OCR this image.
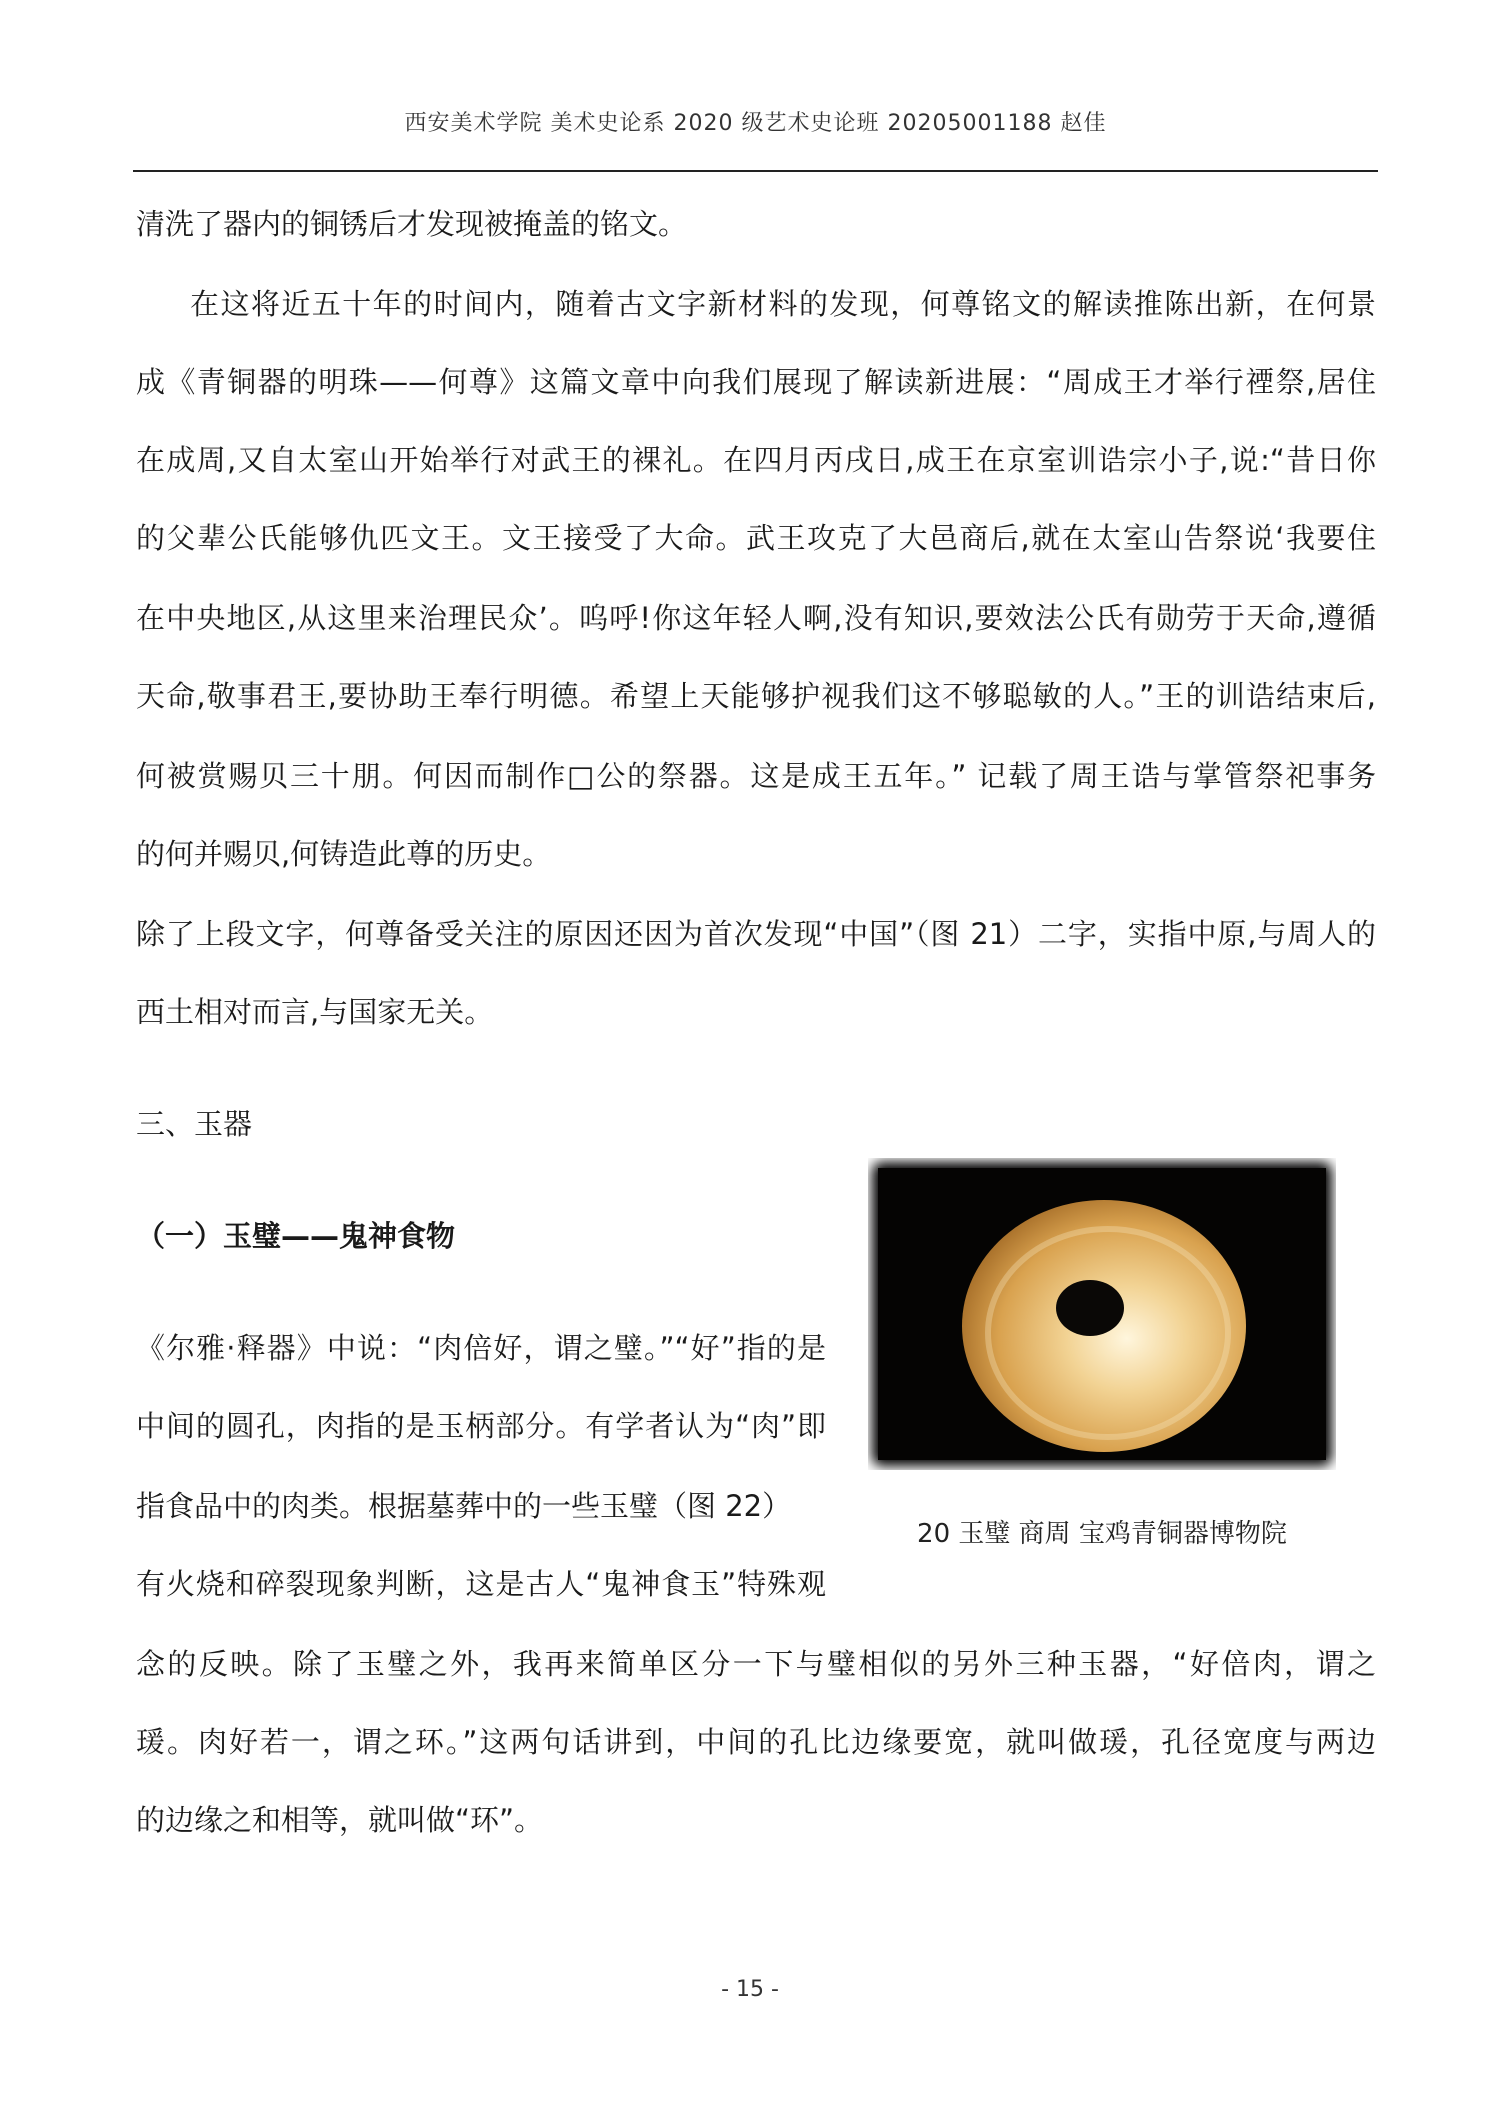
西安美术学院 美术史论系 2020 级艺术史论班 20205001188 赵佳
清洗了器内的铜锈后才发现被掩盖的铭文。
在这将近五十年的时间内，随着古文字新材料的发现，何尊铭文的解读推陈出新，在何景
成《青铜器的明珠——何尊》这篇文章中向我们展现了解读新进展：“周成王才举行禋祭,居住
在成周,又自太室山开始举行对武王的裸礼。在四月丙戌日,成王在京室训诰宗小子,说:“昔日你
的父辈公氏能够仇匹文王。文王接受了大命。武王攻克了大邑商后,就在太室山告祭说‘我要住
在中央地区,从这里来治理民众’。呜呼!你这年轻人啊,没有知识,要效法公氏有勋劳于天命,遵循
天命,敬事君王,要协助王奉行明德。希望上天能够护视我们这不够聪敏的人。”王的训诰结束后,
何被赏赐贝三十朋。何因而制作□公的祭器。这是成王五年。” 记载了周王诰与掌管祭祀事务
的何并赐贝,何铸造此尊的历史。
除了上段文字，何尊备受关注的原因还因为首次发现“中国”（图 21）二字，实指中原,与周人的
西土相对而言,与国家无关。
三、玉器
（一）玉璧——鬼神食物
《尔雅·释器》中说：“肉倍好，谓之璧。”“好”指的是
中间的圆孔，肉指的是玉柄部分。有学者认为“肉”即
指食品中的肉类。根据墓葬中的一些玉璧（图 22）
有火烧和碎裂现象判断，这是古人“鬼神食玉”特殊观
念的反映。除了玉璧之外，我再来简单区分一下与璧相似的另外三种玉器，“好倍肉，谓之
瑗。肉好若一，谓之环。”这两句话讲到，中间的孔比边缘要宽，就叫做瑗，孔径宽度与两边
的边缘之和相等，就叫做“环”。
20 玉璧 商周 宝鸡青铜器博物院
- 15 -
